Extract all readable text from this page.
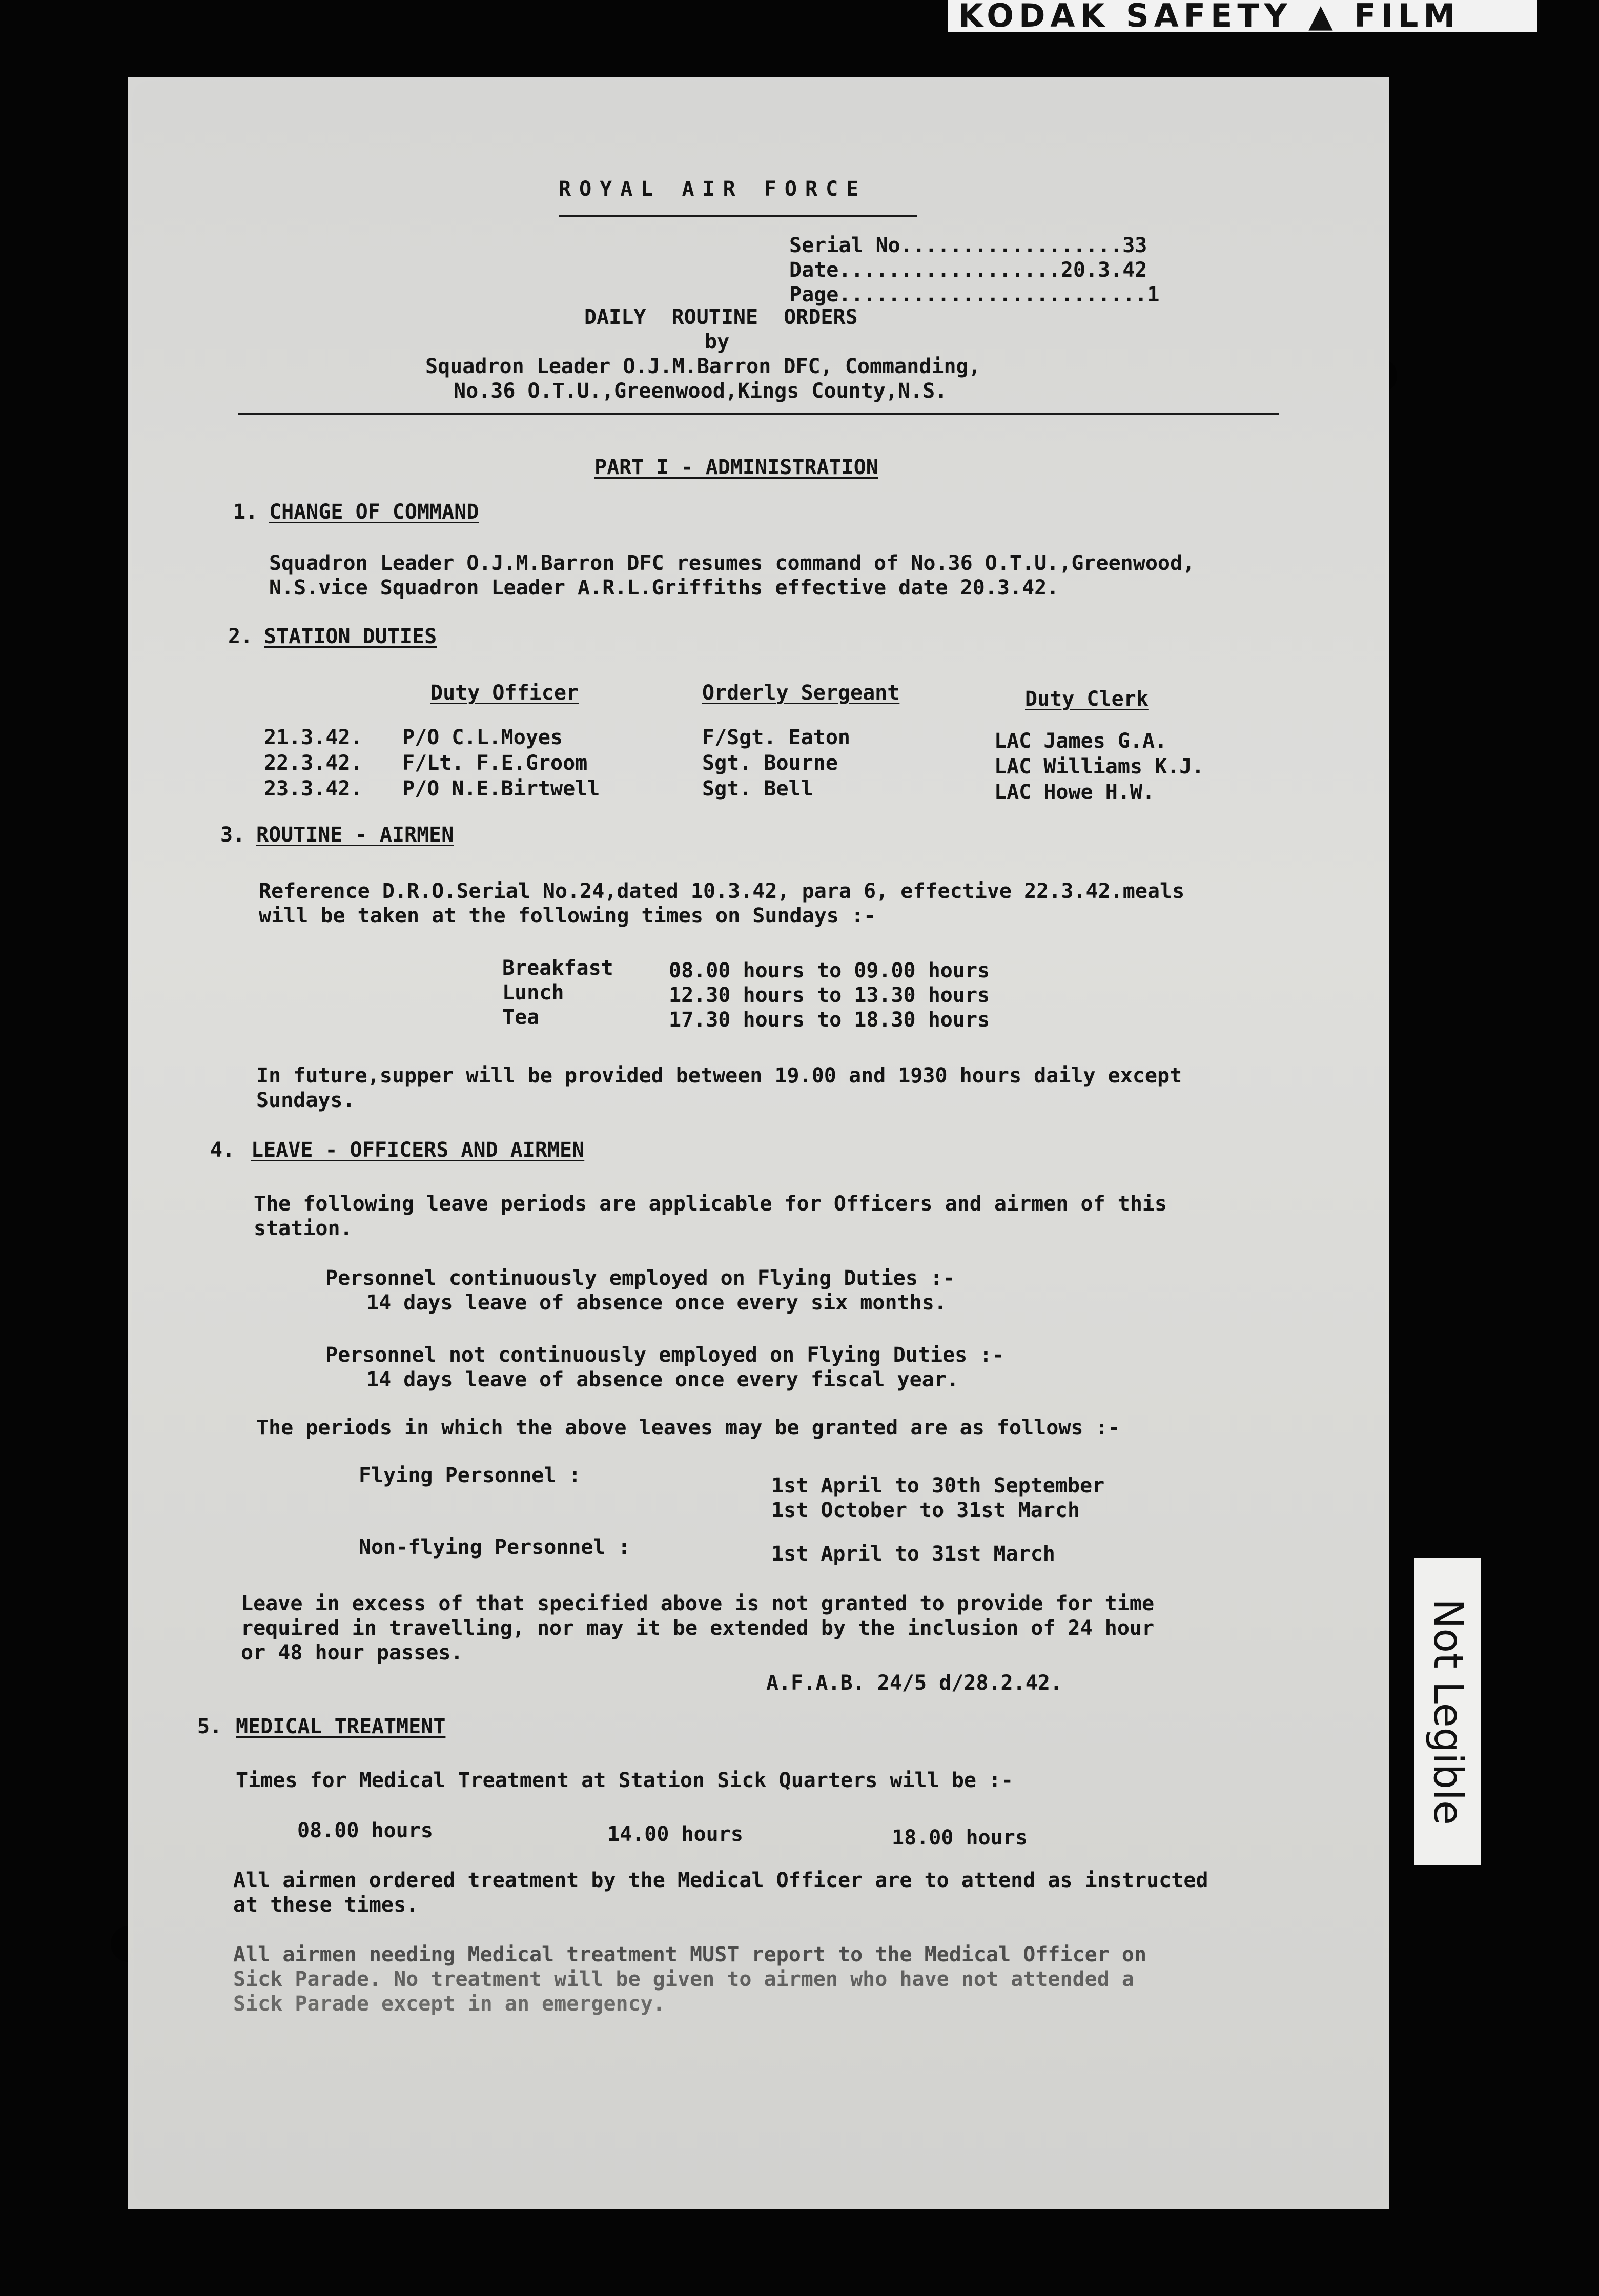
KODAK SAFETY ▲ FILM
ROYAL AIR FORCE
Serial No..................33
Date..................20.3.42
Page.........................1
DAILY ROUTINE ORDERS
by
Squadron Leader O.J.M.Barron DFC, Commanding,
No.36 O.T.U.,Greenwood,Kings County,N.S.
PART I - ADMINISTRATION
1. CHANGE OF COMMAND
Squadron Leader O.J.M.Barron DFC resumes command of No.36 O.T.U.,Greenwood,
N.S.vice Squadron Leader A.R.L.Griffiths effective date 20.3.42.
2. STATION DUTIES
Duty Officer	Orderly Sergeant	Duty Clerk
21.3.42. P/O C.L.Moyes	F/Sgt. Eaton	LAC James G.A.
22.3.42. F/Lt. F.E.Groom	Sgt. Bourne	LAC Williams K.J.
23.3.42. P/O N.E.Birtwell	Sgt. Bell	LAC Howe H.W.
3. ROUTINE - AIRMEN
Reference D.R.O.Serial No.24,dated 10.3.42, para 6, effective 22.3.42.meals
will be taken at the following times on Sundays :-
Breakfast	08.00 hours to 09.00 hours
Lunch	12.30 hours to 13.30 hours
Tea	17.30 hours to 18.30 hours
In future,supper will be provided between 19.00 and 1930 hours daily except
Sundays.
4. LEAVE - OFFICERS AND AIRMEN
The following leave periods are applicable for Officers and airmen of this
station.
Personnel continuously employed on Flying Duties :-
14 days leave of absence once every six months.
Personnel not continuously employed on Flying Duties :-
14 days leave of absence once every fiscal year.
The periods in which the above leaves may be granted are as follows :-
Flying Personnel :	1st April to 30th September
1st October to 31st March
Non-flying Personnel :	1st April to 31st March
Leave in excess of that specified above is not granted to provide for time
required in travelling, nor may it be extended by the inclusion of 24 hour
or 48 hour passes.
A.F.A.B. 24/5 d/28.2.42.
5. MEDICAL TREATMENT
Times for Medical Treatment at Station Sick Quarters will be :-
08.00 hours	14.00 hours	18.00 hours
All airmen ordered treatment by the Medical Officer are to attend as instructed
at these times.
All airmen needing Medical treatment MUST report to the Medical Officer on
Sick Parade. No treatment will be given to airmen who have not attended a
Sick Parade except in an emergency.
Not Legible
